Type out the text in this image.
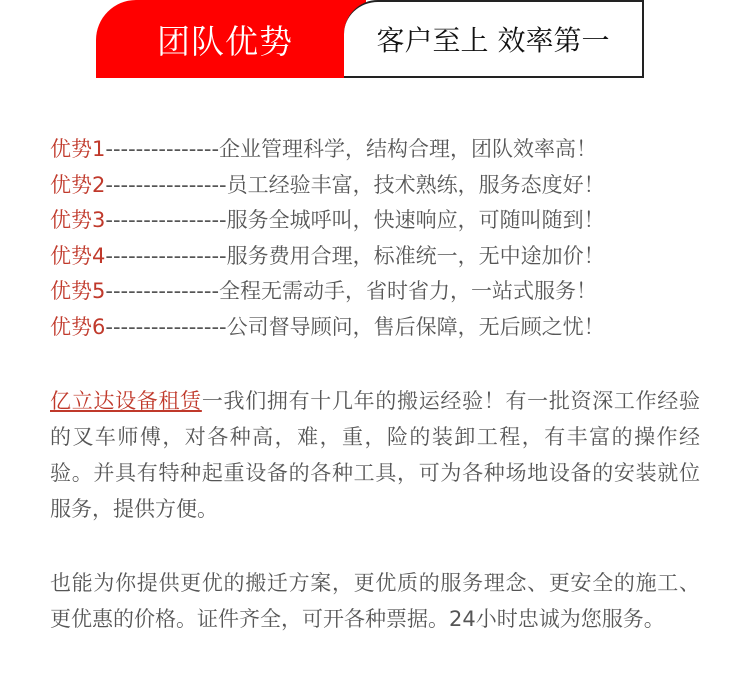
团队优势	客户至上 效率第一
优势1---------------企业管理科学，结构合理，团队效率高！
优势2----------------员工经验丰富，技术熟练，服务态度好！
优势3----------------服务全城呼叫，快速响应，可随叫随到！
优势4----------------服务费用合理，标准统一，无中途加价！
优势5---------------全程无需动手，省时省力，一站式服务！
优势6----------------公司督导顾问，售后保障，无后顾之忧！

亿立达设备租赁一我们拥有十几年的搬运经验！有一批资深工作经验的叉车师傅，对各种高，难，重，险的装卸工程，有丰富的操作经验。并具有特种起重设备的各种工具，可为各种场地设备的安装就位服务，提供方便。

也能为你提供更优的搬迁方案，更优质的服务理念、更安全的施工、更优惠的价格。证件齐全，可开各种票据。24小时忠诚为您服务。
